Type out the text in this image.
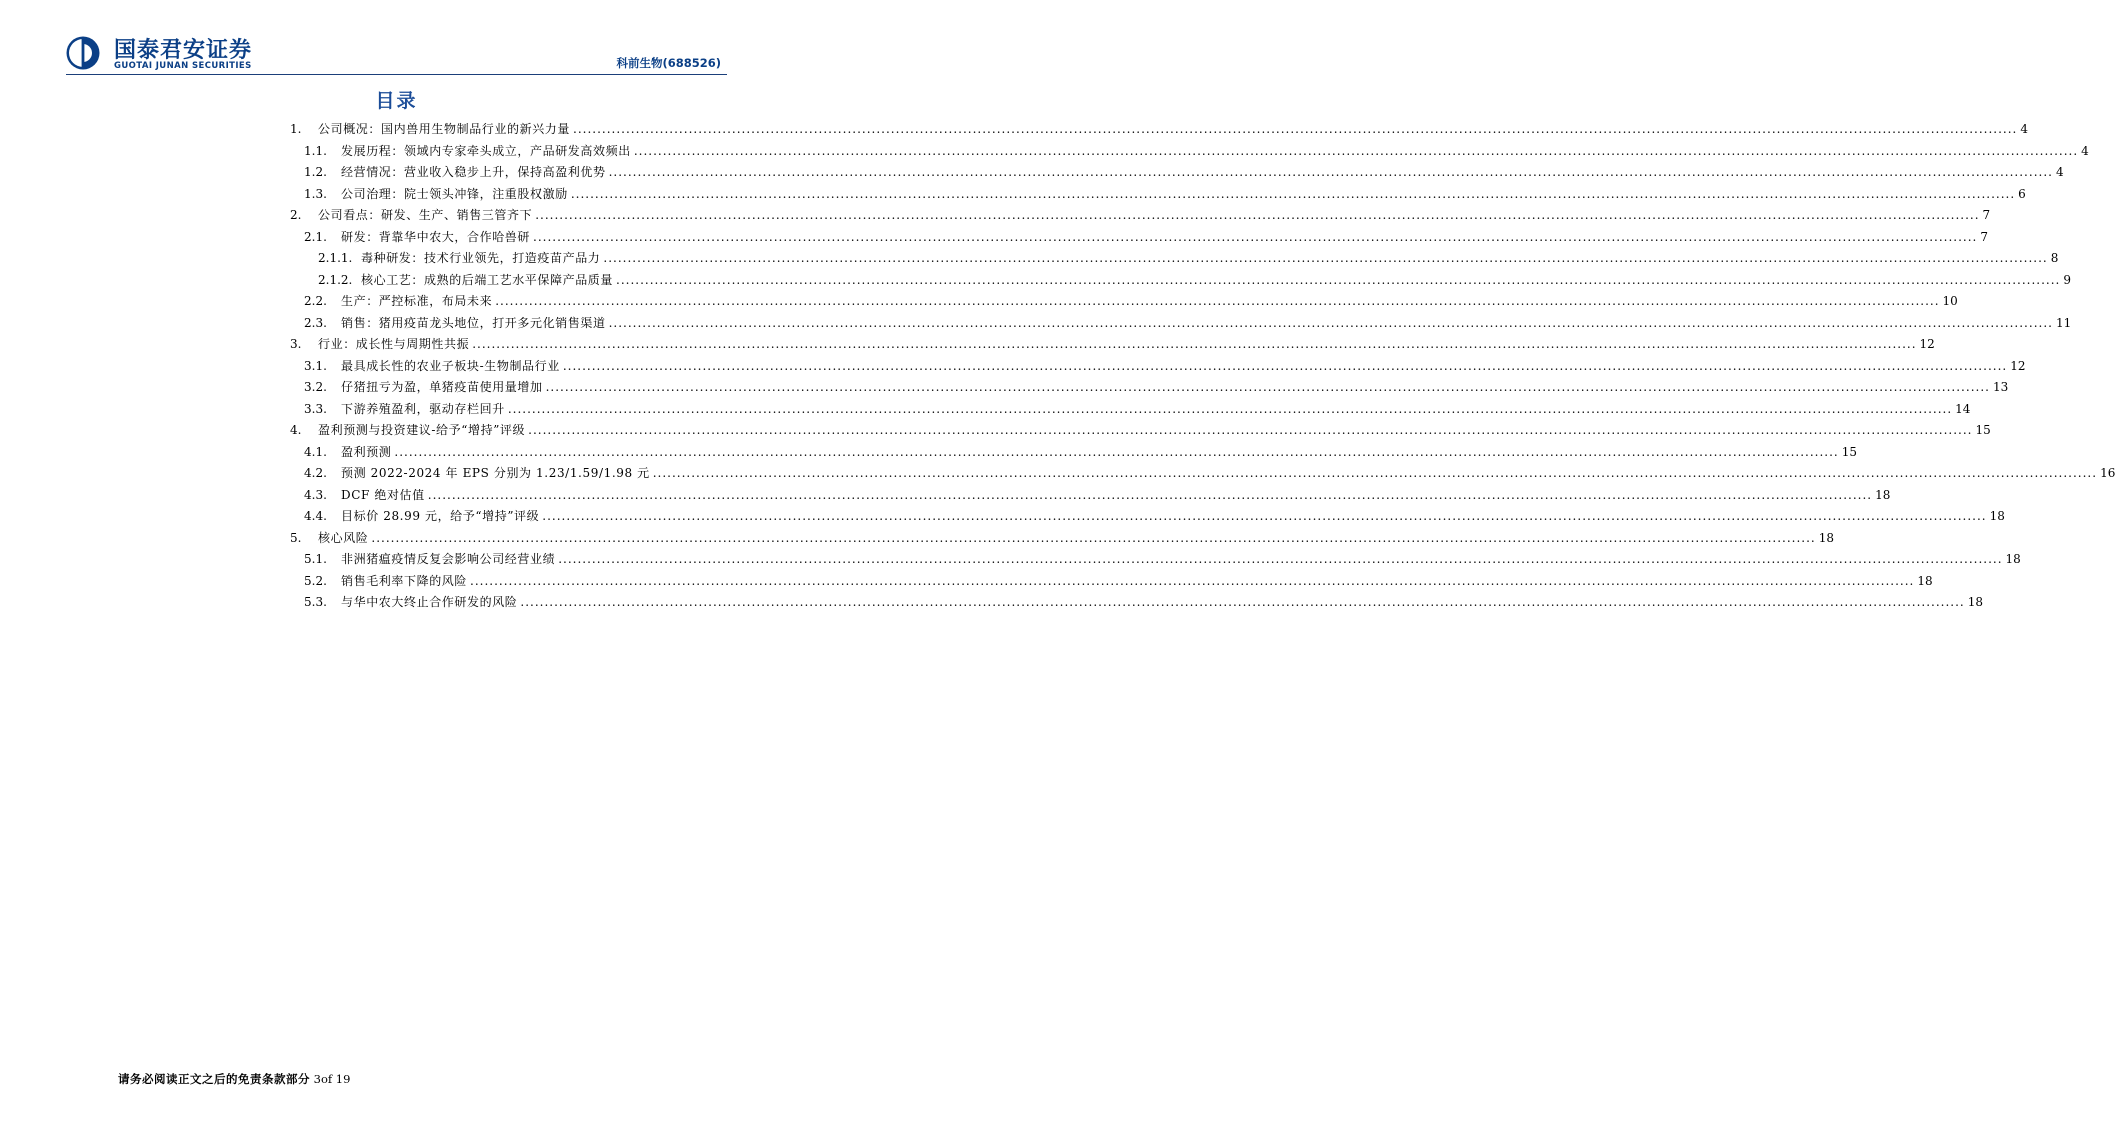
国泰君安证券
GUOTAI JUNAN SECURITIES	科前生物(688526)
目录
1.	公司概况：国内兽用生物制品行业的新兴力量 ............................................................................................................................................................................................................................................................................................................ 4
1.1.	发展历程：领域内专家牵头成立，产品研发高效频出 ............................................................................................................................................................................................................................................................................................................ 4
1.2.	经营情况：营业收入稳步上升，保持高盈利优势 ............................................................................................................................................................................................................................................................................................................ 4
1.3.	公司治理：院士领头冲锋，注重股权激励 ............................................................................................................................................................................................................................................................................................................ 6
2.	公司看点：研发、生产、销售三管齐下 ............................................................................................................................................................................................................................................................................................................ 7
2.1.	研发：背靠华中农大，合作哈兽研 ............................................................................................................................................................................................................................................................................................................ 7
2.1.1. 毒种研发：技术行业领先，打造疫苗产品力 ............................................................................................................................................................................................................................................................................................................ 8
2.1.2. 核心工艺：成熟的后端工艺水平保障产品质量 ............................................................................................................................................................................................................................................................................................................ 9
2.2.	生产：严控标准，布局未来 ............................................................................................................................................................................................................................................................................................................ 10
2.3.	销售：猪用疫苗龙头地位，打开多元化销售渠道 ............................................................................................................................................................................................................................................................................................................ 11
3.	行业：成长性与周期性共振 ............................................................................................................................................................................................................................................................................................................ 12
3.1.	最具成长性的农业子板块-生物制品行业 ............................................................................................................................................................................................................................................................................................................ 12
3.2.	仔猪扭亏为盈，单猪疫苗使用量增加 ............................................................................................................................................................................................................................................................................................................ 13
3.3.	下游养殖盈利，驱动存栏回升 ............................................................................................................................................................................................................................................................................................................ 14
4.	盈利预测与投资建议-给予“增持”评级 ............................................................................................................................................................................................................................................................................................................ 15
4.1.	盈利预测 ............................................................................................................................................................................................................................................................................................................ 15
4.2.	预测 2022-2024 年 EPS 分别为 1.23/1.59/1.98 元 ............................................................................................................................................................................................................................................................................................................ 16
4.3.	DCF 绝对估值 ............................................................................................................................................................................................................................................................................................................ 18
4.4.	目标价 28.99 元，给予“增持”评级 ............................................................................................................................................................................................................................................................................................................ 18
5.	核心风险 ............................................................................................................................................................................................................................................................................................................ 18
5.1.	非洲猪瘟疫情反复会影响公司经营业绩 ............................................................................................................................................................................................................................................................................................................ 18
5.2.	销售毛利率下降的风险 ............................................................................................................................................................................................................................................................................................................ 18
5.3.	与华中农大终止合作研发的风险 ............................................................................................................................................................................................................................................................................................................ 18
请务必阅读正文之后的免责条款部分 3of 19
